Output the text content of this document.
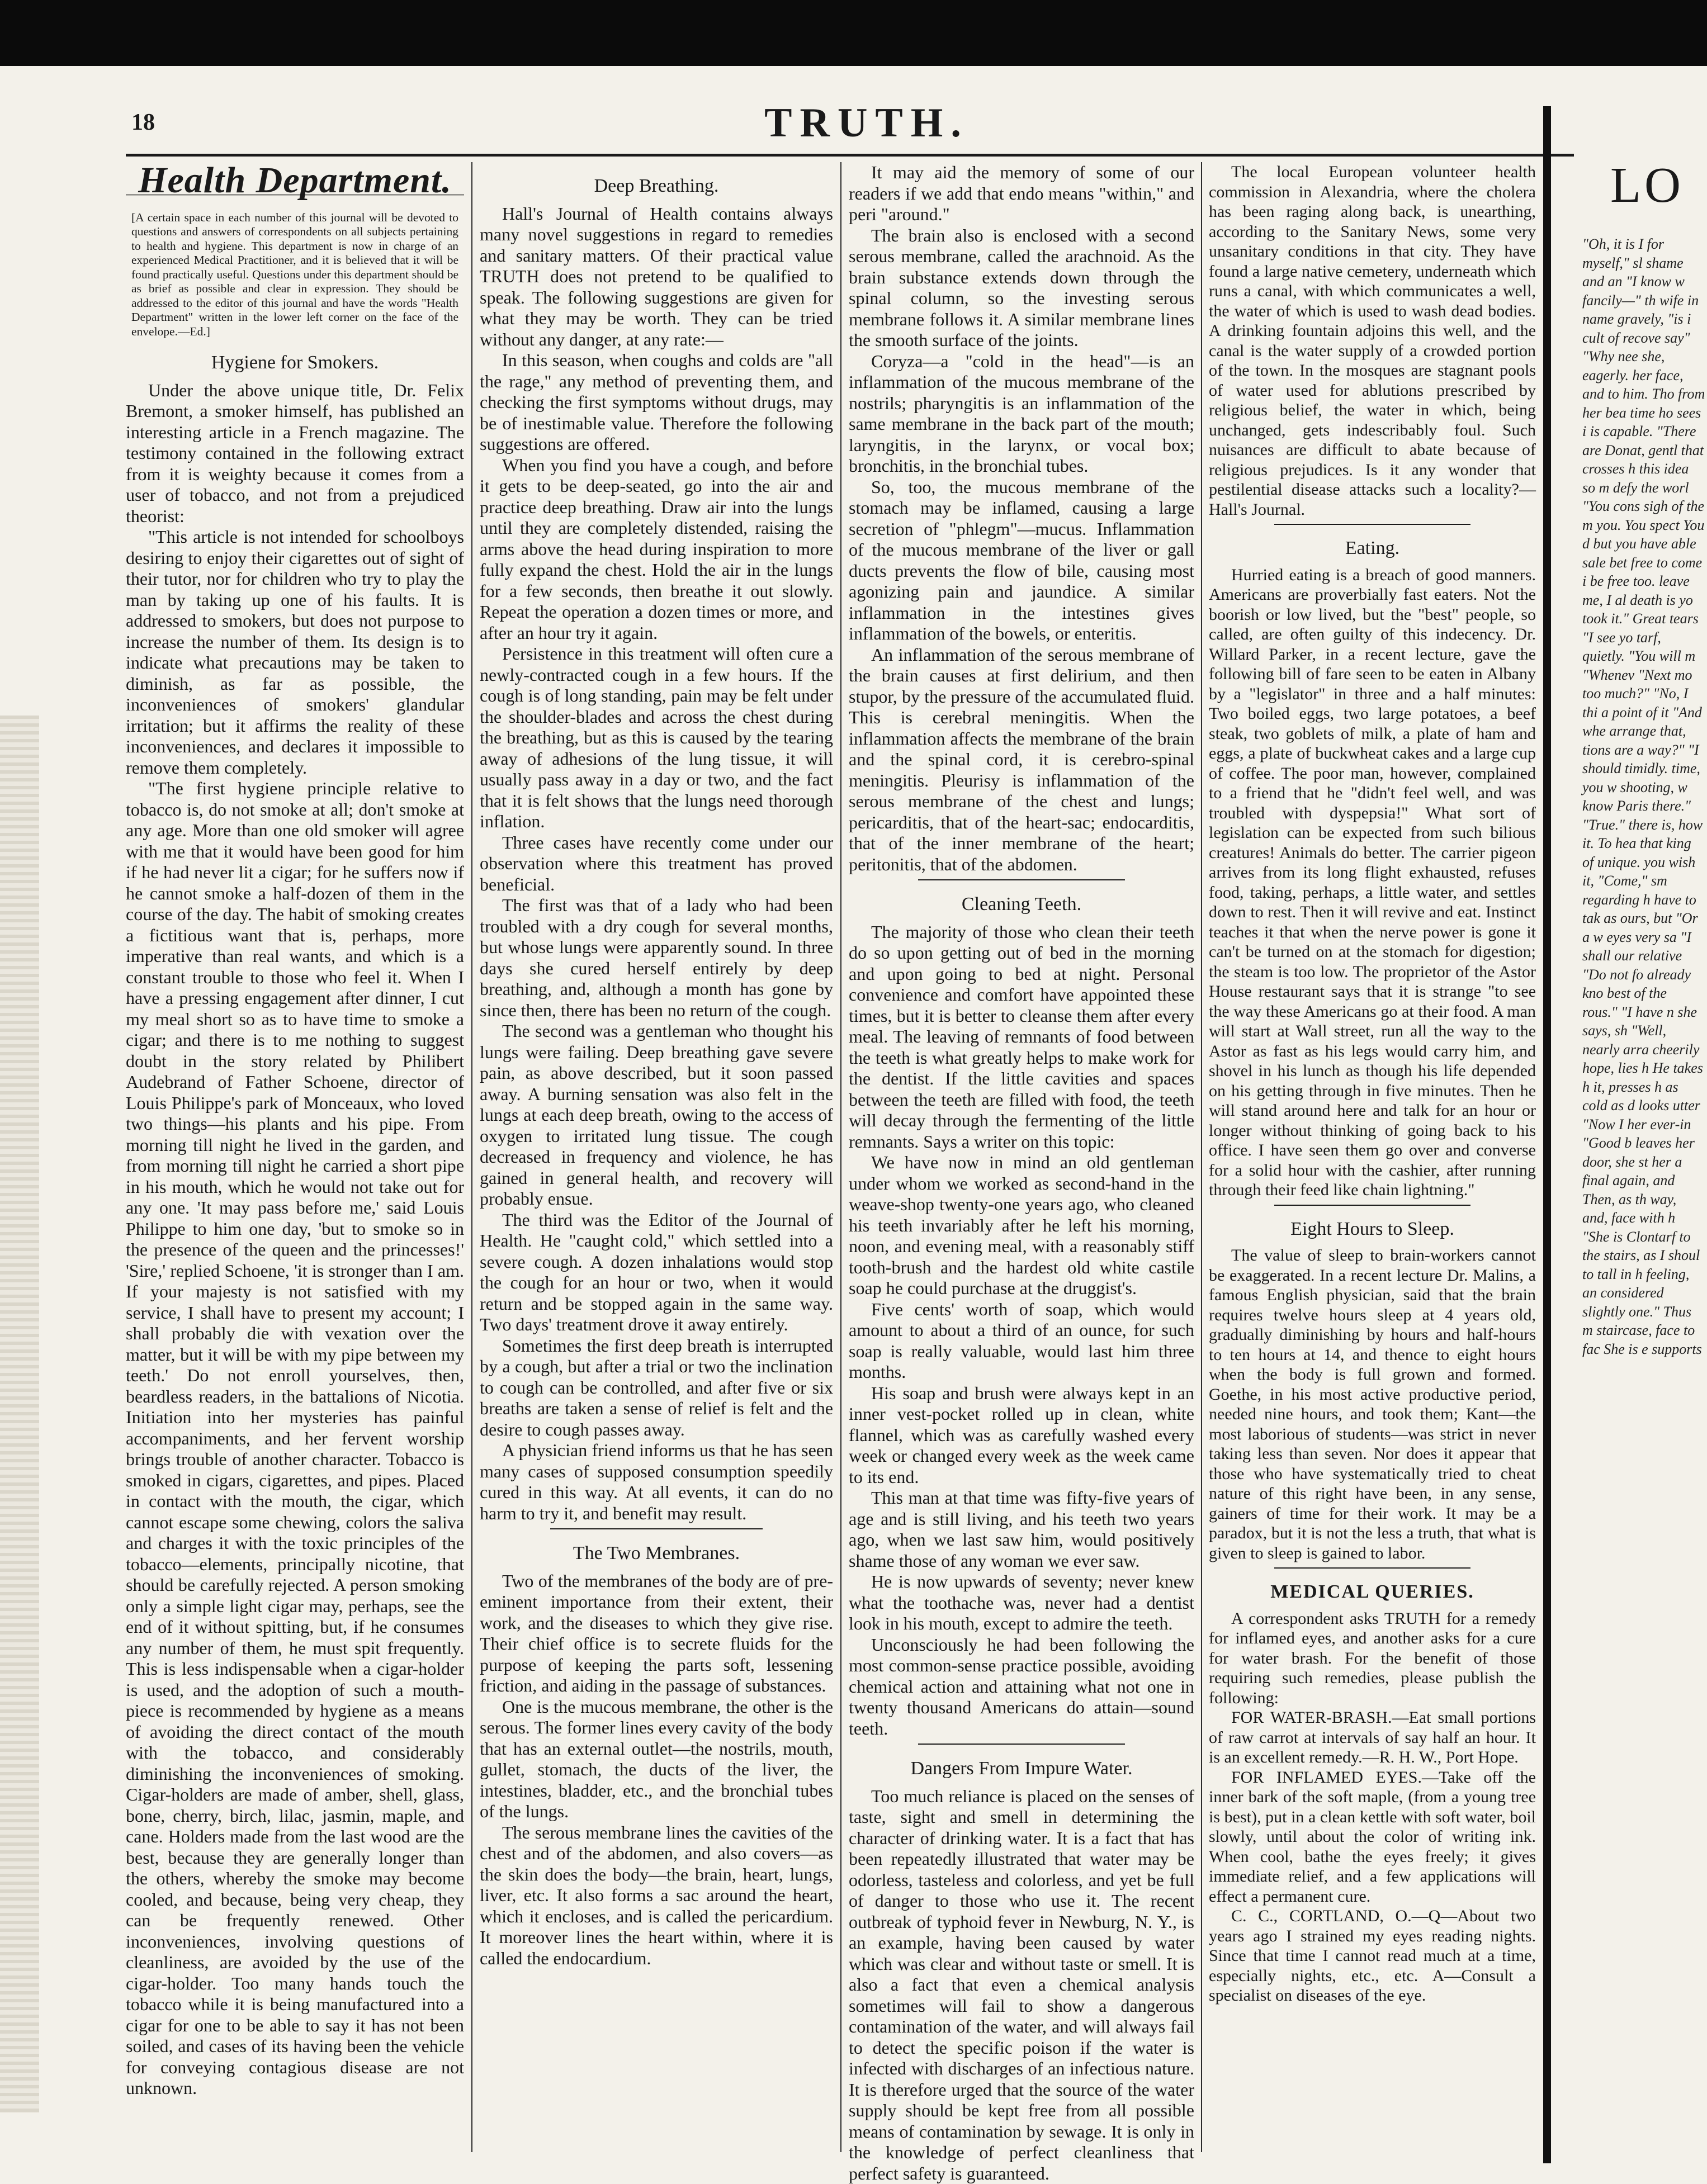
18	TRUTH.
Health Department.

[A certain space in each number of this journal will be devoted to questions and answers of correspondents on all subjects pertaining to health and hygiene. This department is now in charge of an experienced Medical Practitioner, and it is believed that it will be found practically useful. Questions under this department should be as brief as possible and clear in expression. They should be addressed to the editor of this journal and have the words "Health Department" written in the lower left corner on the face of the envelope.—Ed.]

Hygiene for Smokers.

Under the above unique title, Dr. Felix Bremont, a smoker himself, has published an interesting article in a French magazine. The testimony contained in the following extract from it is weighty because it comes from a user of tobacco, and not from a prejudiced theorist:

"This article is not intended for schoolboys desiring to enjoy their cigarettes out of sight of their tutor, nor for children who try to play the man by taking up one of his faults. It is addressed to smokers, but does not purpose to increase the number of them. Its design is to indicate what precautions may be taken to diminish, as far as possible, the inconveniences of smokers' glandular irritation; but it affirms the reality of these inconveniences, and declares it impossible to remove them completely.

"The first hygiene principle relative to tobacco is, do not smoke at all; don't smoke at any age. More than one old smoker will agree with me that it would have been good for him if he had never lit a cigar; for he suffers now if he cannot smoke a half-dozen of them in the course of the day. The habit of smoking creates a fictitious want that is, perhaps, more imperative than real wants, and which is a constant trouble to those who feel it. When I have a pressing engagement after dinner, I cut my meal short so as to have time to smoke a cigar; and there is to me nothing to suggest doubt in the story related by Philibert Audebrand of Father Schoene, director of Louis Philippe's park of Monceaux, who loved two things—his plants and his pipe. From morning till night he lived in the garden, and from morning till night he carried a short pipe in his mouth, which he would not take out for any one. 'It may pass before me,' said Louis Philippe to him one day, 'but to smoke so in the presence of the queen and the princesses!' 'Sire,' replied Schoene, 'it is stronger than I am. If your majesty is not satisfied with my service, I shall have to present my account; I shall probably die with vexation over the matter, but it will be with my pipe between my teeth.' Do not enroll yourselves, then, beardless readers, in the battalions of Nicotia. Initiation into her mysteries has painful accompaniments, and her fervent worship brings trouble of another character. Tobacco is smoked in cigars, cigarettes, and pipes. Placed in contact with the mouth, the cigar, which cannot escape some chewing, colors the saliva and charges it with the toxic principles of the tobacco—elements, principally nicotine, that should be carefully rejected. A person smoking only a simple light cigar may, perhaps, see the end of it without spitting, but, if he consumes any number of them, he must spit frequently. This is less indispensable when a cigar-holder is used, and the adoption of such a mouth-piece is recommended by hygiene as a means of avoiding the direct contact of the mouth with the tobacco, and considerably diminishing the inconveniences of smoking. Cigar-holders are made of amber, shell, glass, bone, cherry, birch, lilac, jasmin, maple, and cane. Holders made from the last wood are the best, because they are generally longer than the others, whereby the smoke may become cooled, and because, being very cheap, they can be frequently renewed. Other inconveniences, involving questions of cleanliness, are avoided by the use of the cigar-holder. Too many hands touch the tobacco while it is being manufactured into a cigar for one to be able to say it has not been soiled, and cases of its having been the vehicle for conveying contagious disease are not unknown.

Deep Breathing.

Hall's Journal of Health contains always many novel suggestions in regard to remedies and sanitary matters. Of their practical value TRUTH does not pretend to be qualified to speak. The following suggestions are given for what they may be worth. They can be tried without any danger, at any rate:—

In this season, when coughs and colds are "all the rage," any method of preventing them, and checking the first symptoms without drugs, may be of inestimable value. Therefore the following suggestions are offered.

When you find you have a cough, and before it gets to be deep-seated, go into the air and practice deep breathing. Draw air into the lungs until they are completely distended, raising the arms above the head during inspiration to more fully expand the chest. Hold the air in the lungs for a few seconds, then breathe it out slowly. Repeat the operation a dozen times or more, and after an hour try it again.

Persistence in this treatment will often cure a newly-contracted cough in a few hours. If the cough is of long standing, pain may be felt under the shoulder-blades and across the chest during the breathing, but as this is caused by the tearing away of adhesions of the lung tissue, it will usually pass away in a day or two, and the fact that it is felt shows that the lungs need thorough inflation.

Three cases have recently come under our observation where this treatment has proved beneficial.

The first was that of a lady who had been troubled with a dry cough for several months, but whose lungs were apparently sound. In three days she cured herself entirely by deep breathing, and, although a month has gone by since then, there has been no return of the cough.

The second was a gentleman who thought his lungs were failing. Deep breathing gave severe pain, as above described, but it soon passed away. A burning sensation was also felt in the lungs at each deep breath, owing to the access of oxygen to irritated lung tissue. The cough decreased in frequency and violence, he has gained in general health, and recovery will probably ensue.

The third was the Editor of the Journal of Health. He "caught cold," which settled into a severe cough. A dozen inhalations would stop the cough for an hour or two, when it would return and be stopped again in the same way. Two days' treatment drove it away entirely.

Sometimes the first deep breath is interrupted by a cough, but after a trial or two the inclination to cough can be controlled, and after five or six breaths are taken a sense of relief is felt and the desire to cough passes away.

A physician friend informs us that he has seen many cases of supposed consumption speedily cured in this way. At all events, it can do no harm to try it, and benefit may result.

The Two Membranes.

Two of the membranes of the body are of pre-eminent importance from their extent, their work, and the diseases to which they give rise. Their chief office is to secrete fluids for the purpose of keeping the parts soft, lessening friction, and aiding in the passage of substances.

One is the mucous membrane, the other is the serous. The former lines every cavity of the body that has an external outlet—the nostrils, mouth, gullet, stomach, the ducts of the liver, the intestines, bladder, etc., and the bronchial tubes of the lungs.

The serous membrane lines the cavities of the chest and of the abdomen, and also covers—as the skin does the body—the brain, heart, lungs, liver, etc. It also forms a sac around the heart, which it encloses, and is called the pericardium. It moreover lines the heart within, where it is called the endocardium.

It may aid the memory of some of our readers if we add that endo means "within," and peri "around."

The brain also is enclosed with a second serous membrane, called the arachnoid. As the brain substance extends down through the spinal column, so the investing serous membrane follows it. A similar membrane lines the smooth surface of the joints.

Coryza—a "cold in the head"—is an inflammation of the mucous membrane of the nostrils; pharyngitis is an inflammation of the same membrane in the back part of the mouth; laryngitis, in the larynx, or vocal box; bronchitis, in the bronchial tubes.

So, too, the mucous membrane of the stomach may be inflamed, causing a large secretion of "phlegm"—mucus. Inflammation of the mucous membrane of the liver or gall ducts prevents the flow of bile, causing most agonizing pain and jaundice. A similar inflammation in the intestines gives inflammation of the bowels, or enteritis.

An inflammation of the serous membrane of the brain causes at first delirium, and then stupor, by the pressure of the accumulated fluid. This is cerebral meningitis. When the inflammation affects the membrane of the brain and the spinal cord, it is cerebro-spinal meningitis. Pleurisy is inflammation of the serous membrane of the chest and lungs; pericarditis, that of the heart-sac; endocarditis, that of the inner membrane of the heart; peritonitis, that of the abdomen.

Cleaning Teeth.

The majority of those who clean their teeth do so upon getting out of bed in the morning and upon going to bed at night. Personal convenience and comfort have appointed these times, but it is better to cleanse them after every meal. The leaving of remnants of food between the teeth is what greatly helps to make work for the dentist. If the little cavities and spaces between the teeth are filled with food, the teeth will decay through the fermenting of the little remnants. Says a writer on this topic:

We have now in mind an old gentleman under whom we worked as second-hand in the weave-shop twenty-one years ago, who cleaned his teeth invariably after he left his morning, noon, and evening meal, with a reasonably stiff tooth-brush and the hardest old white castile soap he could purchase at the druggist's.

Five cents' worth of soap, which would amount to about a third of an ounce, for such soap is really valuable, would last him three months.

His soap and brush were always kept in an inner vest-pocket rolled up in clean, white flannel, which was as carefully washed every week or changed every week as the week came to its end.

This man at that time was fifty-five years of age and is still living, and his teeth two years ago, when we last saw him, would positively shame those of any woman we ever saw.

He is now upwards of seventy; never knew what the toothache was, never had a dentist look in his mouth, except to admire the teeth.

Unconsciously he had been following the most common-sense practice possible, avoiding chemical action and attaining what not one in twenty thousand Americans do attain—sound teeth.

Dangers From Impure Water.

Too much reliance is placed on the senses of taste, sight and smell in determining the character of drinking water. It is a fact that has been repeatedly illustrated that water may be odorless, tasteless and colorless, and yet be full of danger to those who use it. The recent outbreak of typhoid fever in Newburg, N. Y., is an example, having been caused by water which was clear and without taste or smell. It is also a fact that even a chemical analysis sometimes will fail to show a dangerous contamination of the water, and will always fail to detect the specific poison if the water is infected with discharges of an infectious nature. It is therefore urged that the source of the water supply should be kept free from all possible means of contamination by sewage. It is only in the knowledge of perfect cleanliness that perfect safety is guaranteed.

The local European volunteer health commission in Alexandria, where the cholera has been raging along back, is unearthing, according to the Sanitary News, some very unsanitary conditions in that city. They have found a large native cemetery, underneath which runs a canal, with which communicates a well, the water of which is used to wash dead bodies. A drinking fountain adjoins this well, and the canal is the water supply of a crowded portion of the town. In the mosques are stagnant pools of water used for ablutions prescribed by religious belief, the water in which, being unchanged, gets indescribably foul. Such nuisances are difficult to abate because of religious prejudices. Is it any wonder that pestilential disease attacks such a locality?—Hall's Journal.

Eating.

Hurried eating is a breach of good manners. Americans are proverbially fast eaters. Not the boorish or low lived, but the "best" people, so called, are often guilty of this indecency. Dr. Willard Parker, in a recent lecture, gave the following bill of fare seen to be eaten in Albany by a "legislator" in three and a half minutes: Two boiled eggs, two large potatoes, a beef steak, two goblets of milk, a plate of ham and eggs, a plate of buckwheat cakes and a large cup of coffee. The poor man, however, complained to a friend that he "didn't feel well, and was troubled with dyspepsia!" What sort of legislation can be expected from such bilious creatures! Animals do better. The carrier pigeon arrives from its long flight exhausted, refuses food, taking, perhaps, a little water, and settles down to rest. Then it will revive and eat. Instinct teaches it that when the nerve power is gone it can't be turned on at the stomach for digestion; the steam is too low. The proprietor of the Astor House restaurant says that it is strange "to see the way these Americans go at their food. A man will start at Wall street, run all the way to the Astor as fast as his legs would carry him, and shovel in his lunch as though his life depended on his getting through in five minutes. Then he will stand around here and talk for an hour or longer without thinking of going back to his office. I have seen them go over and converse for a solid hour with the cashier, after running through their feed like chain lightning."

Eight Hours to Sleep.

The value of sleep to brain-workers cannot be exaggerated. In a recent lecture Dr. Malins, a famous English physician, said that the brain requires twelve hours sleep at 4 years old, gradually diminishing by hours and half-hours to ten hours at 14, and thence to eight hours when the body is full grown and formed. Goethe, in his most active productive period, needed nine hours, and took them; Kant—the most laborious of students—was strict in never taking less than seven. Nor does it appear that those who have systematically tried to cheat nature of this right have been, in any sense, gainers of time for their work. It may be a paradox, but it is not the less a truth, that what is given to sleep is gained to labor.

MEDICAL QUERIES.

A correspondent asks TRUTH for a remedy for inflamed eyes, and another asks for a cure for water brash. For the benefit of those requiring such remedies, please publish the following:

FOR WATER-BRASH.—Eat small portions of raw carrot at intervals of say half an hour. It is an excellent remedy.—R. H. W., Port Hope.

FOR INFLAMED EYES.—Take off the inner bark of the soft maple, (from a young tree is best), put in a clean kettle with soft water, boil slowly, until about the color of writing ink. When cool, bathe the eyes freely; it gives immediate relief, and a few applications will effect a permanent cure.

C. C., CORTLAND, O.—Q—About two years ago I strained my eyes reading nights. Since that time I cannot read much at a time, especially nights, etc., etc. A—Consult a specialist on diseases of the eye.

LO
"Oh, it is I for myself," sl shame and an "I know w fancily—" th wife in name gravely, "is i cult of recove say" "Why nee she, eagerly. her face, and to him. Tho from her bea time ho sees i is capable. "There are Donat, gentl that crosses h this idea so m defy the worl "You cons sigh of the m you. You spect You d but you have able sale bet free to come i be free too. leave me, I al death is yo took it." Great tears "I see yo tarf, quietly. "You will m "Whenev "Next mo too much?" "No, I thi a point of it "And whe arrange that, tions are a way?" "I should timidly. time, you w shooting, w know Paris there." "True." there is, how it. To hea that king of unique. you wish it, "Come," sm regarding h have to tak as ours, but "Or a w eyes very sa "I shall our relative "Do not fo already kno best of the rous." "I have n she says, sh "Well, nearly arra cheerily hope, lies h He takes h it, presses h as cold as d looks utter "Now I her ever-in "Good b leaves her door, she st her a final again, and Then, as th way, and, face with h "She is Clontarf to the stairs, as I shoul to tall in h feeling, an considered slightly one." Thus m staircase, face to fac She is e supports
